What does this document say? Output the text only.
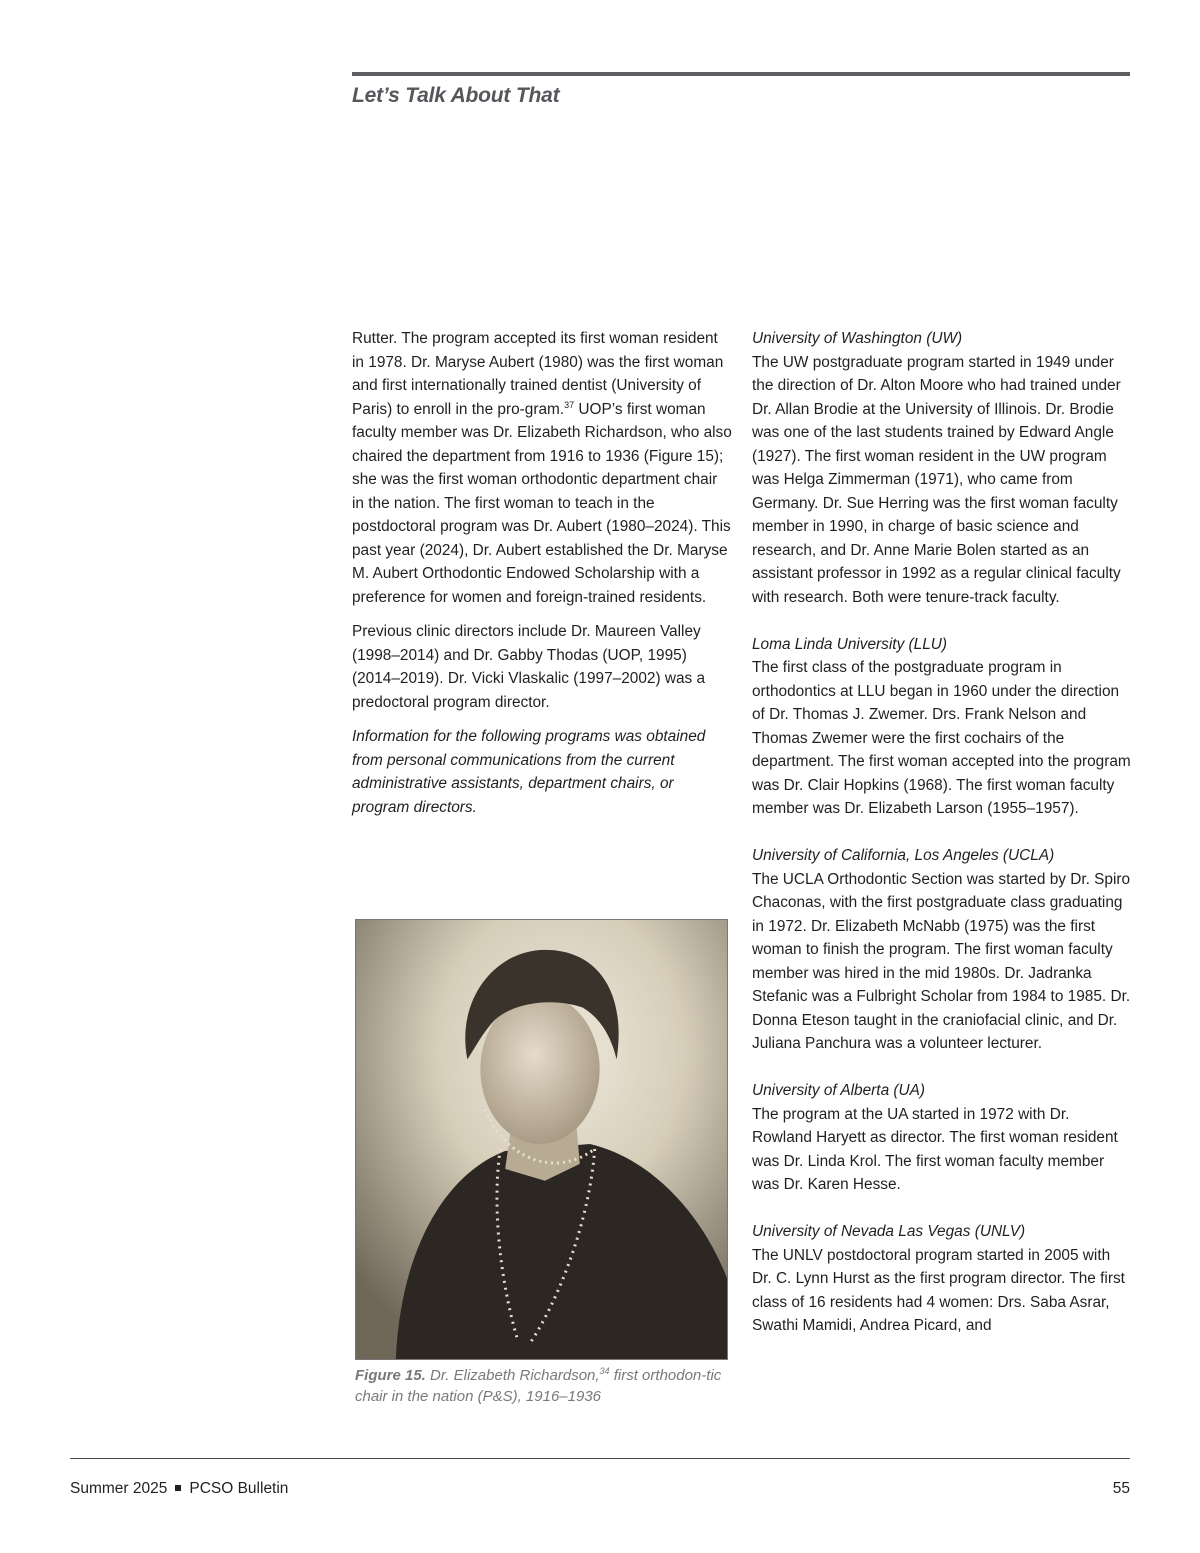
Let’s Talk About That

Rutter. The program accepted its first woman resident in 1978. Dr. Maryse Aubert (1980) was the first woman and first internationally trained dentist (University of Paris) to enroll in the pro-gram.$^{37}$ UOP’s first woman faculty member was Dr. Elizabeth Richardson, who also chaired the department from 1916 to 1936 (Figure 15); she was the first woman orthodontic department chair in the nation. The first woman to teach in the postdoctoral program was Dr. Aubert (1980–2024). This past year (2024), Dr. Aubert established the Dr. Maryse M. Aubert Orthodontic Endowed Scholarship with a preference for women and foreign-trained residents.

Previous clinic directors include Dr. Maureen Valley (1998–2014) and Dr. Gabby Thodas (UOP, 1995) (2014–2019). Dr. Vicki Vlaskalic (1997–2002) was a predoctoral program director.

Information for the following programs was obtained from personal communications from the current administrative assistants, department chairs, or program directors.

Figure 15. Dr. Elizabeth Richardson,$^{34}$ first orthodon-tic chair in the nation (P&S), 1916–1936
University of Washington (UW)

The UW postgraduate program started in 1949 under the direction of Dr. Alton Moore who had trained under Dr. Allan Brodie at the University of Illinois. Dr. Brodie was one of the last students trained by Edward Angle (1927). The first woman resident in the UW program was Helga Zimmerman (1971), who came from Germany. Dr. Sue Herring was the first woman faculty member in 1990, in charge of basic science and research, and Dr. Anne Marie Bolen started as an assistant professor in 1992 as a regular clinical faculty with research. Both were tenure-track faculty.

Loma Linda University (LLU)

The first class of the postgraduate program in orthodontics at LLU began in 1960 under the direction of Dr. Thomas J. Zwemer. Drs. Frank Nelson and Thomas Zwemer were the first cochairs of the department. The first woman accepted into the program was Dr. Clair Hopkins (1968). The first woman faculty member was Dr. Elizabeth Larson (1955–1957).

University of California, Los Angeles (UCLA)

The UCLA Orthodontic Section was started by Dr. Spiro Chaconas, with the first postgraduate class graduating in 1972. Dr. Elizabeth McNabb (1975) was the first woman to finish the program. The first woman faculty member was hired in the mid 1980s. Dr. Jadranka Stefanic was a Fulbright Scholar from 1984 to 1985. Dr. Donna Eteson taught in the craniofacial clinic, and Dr. Juliana Panchura was a volunteer lecturer.

University of Alberta (UA)

The program at the UA started in 1972 with Dr. Rowland Haryett as director. The first woman resident was Dr. Linda Krol. The first woman faculty member was Dr. Karen Hesse.

University of Nevada Las Vegas (UNLV)

The UNLV postdoctoral program started in 2005 with Dr. C. Lynn Hurst as the first program director. The first class of 16 residents had 4 women: Drs. Saba Asrar, Swathi Mamidi, Andrea Picard, and

Summer 2025 PCSO Bulletin	55
